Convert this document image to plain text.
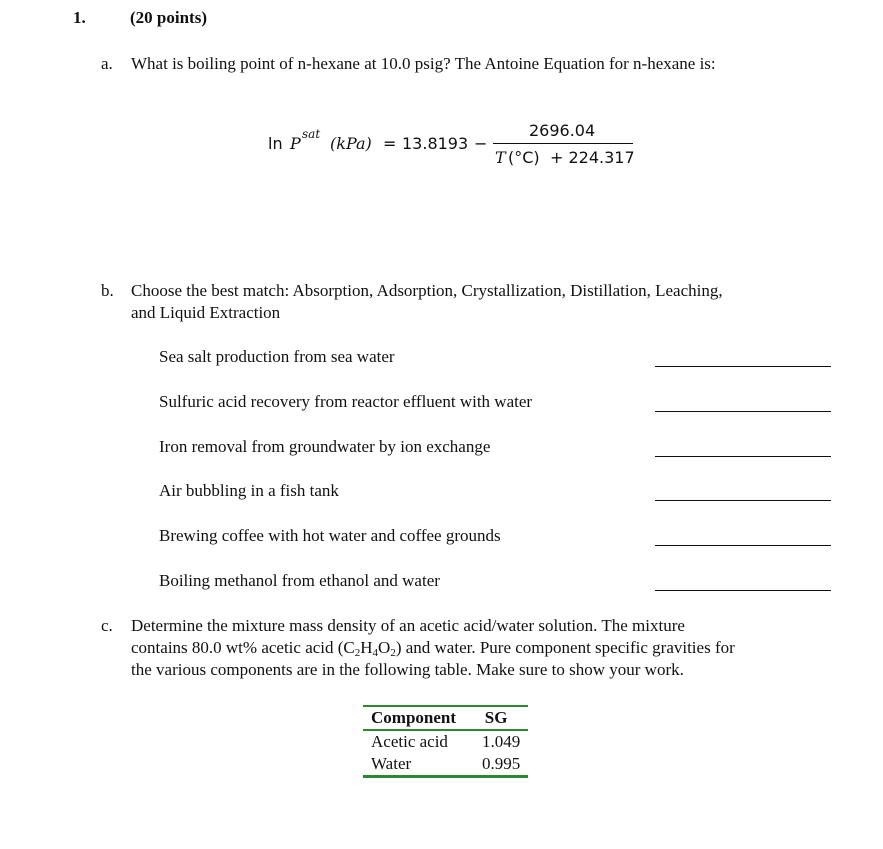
1.	(20 points)
a. What is boiling point of n-hexane at 10.0 psig? The Antoine Equation for n-hexane is:
ln P sat (kPa) = 13.8193 −
2696.04
T (°C) + 224.317
b. Choose the best match: Absorption, Adsorption, Crystallization, Distillation, Leaching,
and Liquid Extraction
Sea salt production from sea water
Sulfuric acid recovery from reactor effluent with water
Iron removal from groundwater by ion exchange
Air bubbling in a fish tank
Brewing coffee with hot water and coffee grounds
Boiling methanol from ethanol and water
c. Determine the mixture mass density of an acetic acid/water solution. The mixture
contains 80.0 wt% acetic acid $(C_2H_4O_2)$ and water. Pure component specific gravities for
the various components are in the following table. Make sure to show your work.
Component	SG
Acetic acid	1.049
Water	0.995
